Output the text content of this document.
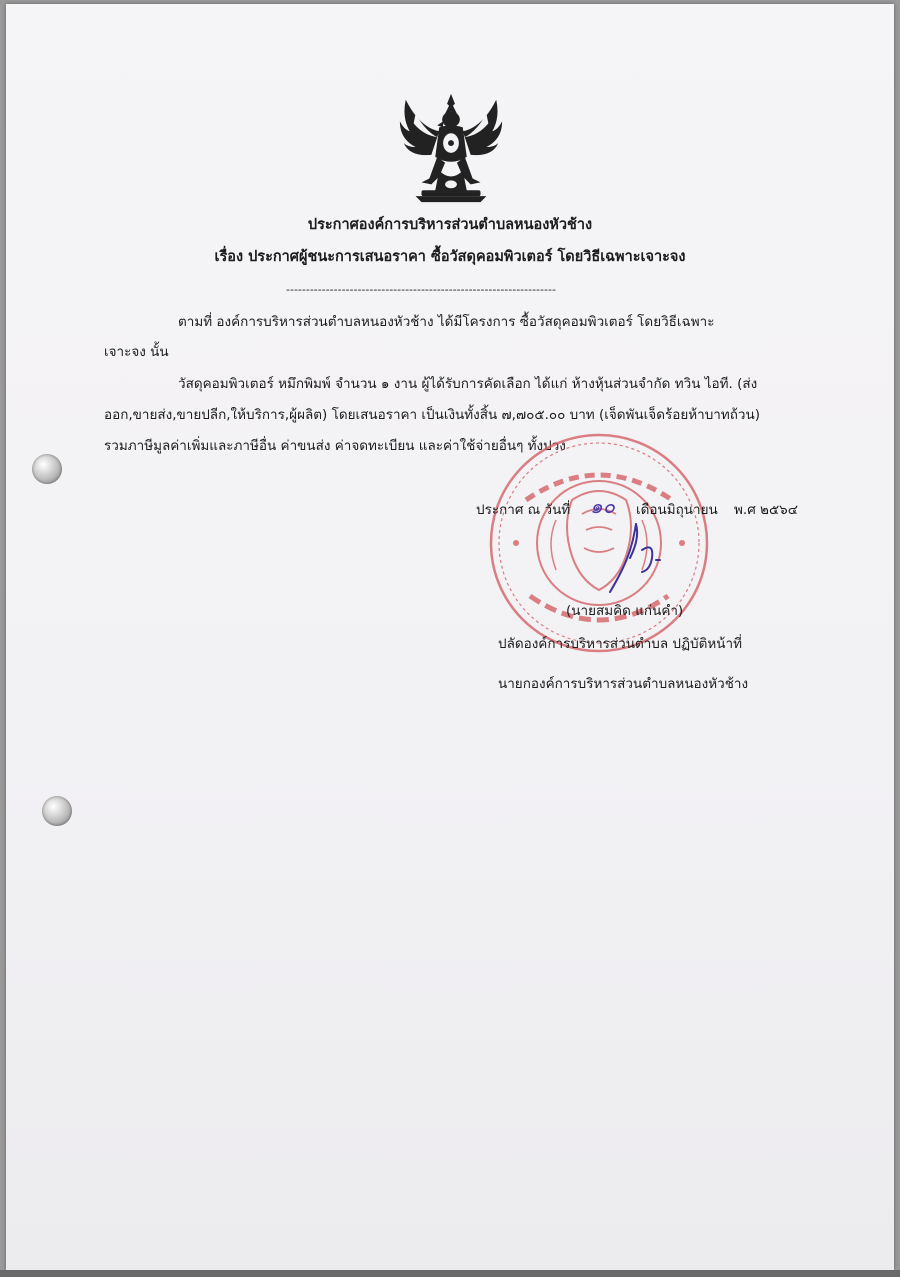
ประกาศองค์การบริหารส่วนตำบลหนองหัวช้าง
เรื่อง ประกาศผู้ชนะการเสนอราคา ซื้อวัสดุคอมพิวเตอร์ โดยวิธีเฉพาะเจาะจง
--------------------------------------------------------------------
ตามที่ องค์การบริหารส่วนตำบลหนองหัวช้าง ได้มีโครงการ ซื้อวัสดุคอมพิวเตอร์ โดยวิธีเฉพาะ
เจาะจง นั้น
วัสดุคอมพิวเตอร์ หมึกพิมพ์ จำนวน ๑ งาน ผู้ได้รับการคัดเลือก ได้แก่ ห้างหุ้นส่วนจำกัด ทวิน ไอที. (ส่ง
ออก,ขายส่ง,ขายปลีก,ให้บริการ,ผู้ผลิต) โดยเสนอราคา เป็นเงินทั้งสิ้น ๗,๗๐๕.๐๐ บาท (เจ็ดพันเจ็ดร้อยห้าบาทถ้วน)
รวมภาษีมูลค่าเพิ่มและภาษีอื่น ค่าขนส่ง ค่าจดทะเบียน และค่าใช้จ่ายอื่นๆ ทั้งปวง
ประกาศ ณ วันที่ ๑๐ เดือนมิถุนายน พ.ศ ๒๕๖๔
(นายสมคิด แก่นคำ)
ปลัดองค์การบริหารส่วนตำบล ปฏิบัติหน้าที่
นายกองค์การบริหารส่วนตำบลหนองหัวช้าง
